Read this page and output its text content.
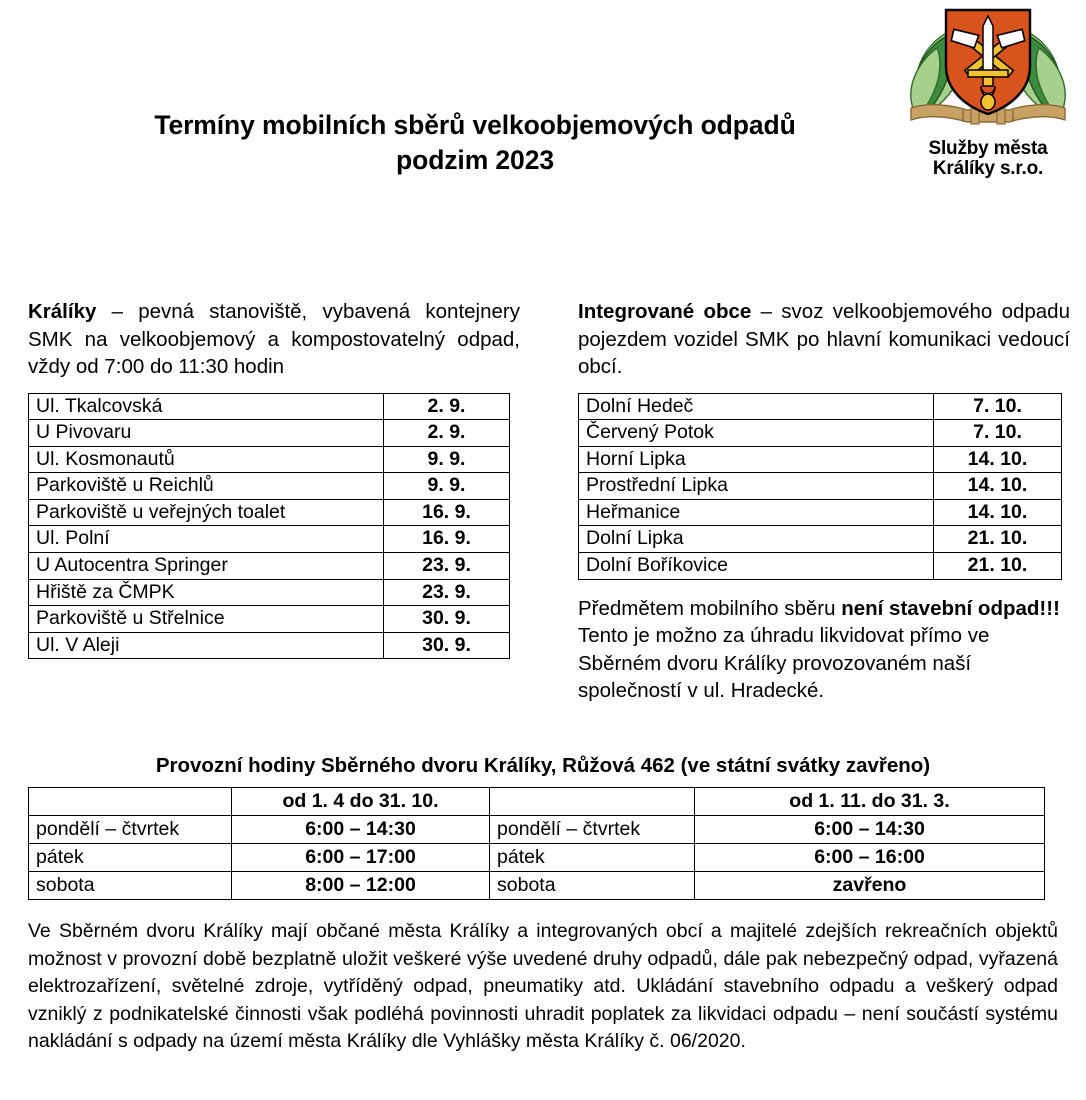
Služby města
Králíky s.r.o.
Termíny mobilních sběrů velkoobjemových odpadů
podzim 2023

Králíky – pevná stanoviště, vybavená kontejnery SMK na velkoobjemový a kompostovatelný odpad, vždy od 7:00 do 11:30 hodin

Ul. Tkalcovská	2. 9.
U Pivovaru	2. 9.
Ul. Kosmonautů	9. 9.
Parkoviště u Reichlů	9. 9.
Parkoviště u veřejných toalet	16. 9.
Ul. Polní	16. 9.
U Autocentra Springer	23. 9.
Hřiště za ČMPK	23. 9.
Parkoviště u Střelnice	30. 9.
Ul. V Aleji	30. 9.

Integrované obce – svoz velkoobjemového odpadu pojezdem vozidel SMK po hlavní komunikaci vedoucí obcí.

Dolní Hedeč	7. 10.
Červený Potok	7. 10.
Horní Lipka	14. 10.
Prostřední Lipka	14. 10.
Heřmanice	14. 10.
Dolní Lipka	21. 10.
Dolní Boříkovice	21. 10.

Předmětem mobilního sběru není stavební odpad!!! Tento je možno za úhradu likvidovat přímo ve Sběrném dvoru Králíky provozovaném naší společností v ul. Hradecké.

Provozní hodiny Sběrného dvoru Králíky, Růžová 462 (ve státní svátky zavřeno)
	od 1. 4 do 31. 10.		od 1. 11. do 31. 3.
pondělí – čtvrtek	6:00 – 14:30	pondělí – čtvrtek	6:00 – 14:30
pátek	6:00 – 17:00	pátek	6:00 – 16:00
sobota	8:00 – 12:00	sobota	zavřeno

Ve Sběrném dvoru Králíky mají občané města Králíky a integrovaných obcí a majitelé zdejších rekreačních objektů možnost v provozní době bezplatně uložit veškeré výše uvedené druhy odpadů, dále pak nebezpečný odpad, vyřazená elektrozařízení, světelné zdroje, vytříděný odpad, pneumatiky atd. Ukládání stavebního odpadu a veškerý odpad vzniklý z podnikatelské činnosti však podléhá povinnosti uhradit poplatek za likvidaci odpadu – není součástí systému nakládání s odpady na území města Králíky dle Vyhlášky města Králíky č. 06/2020.
